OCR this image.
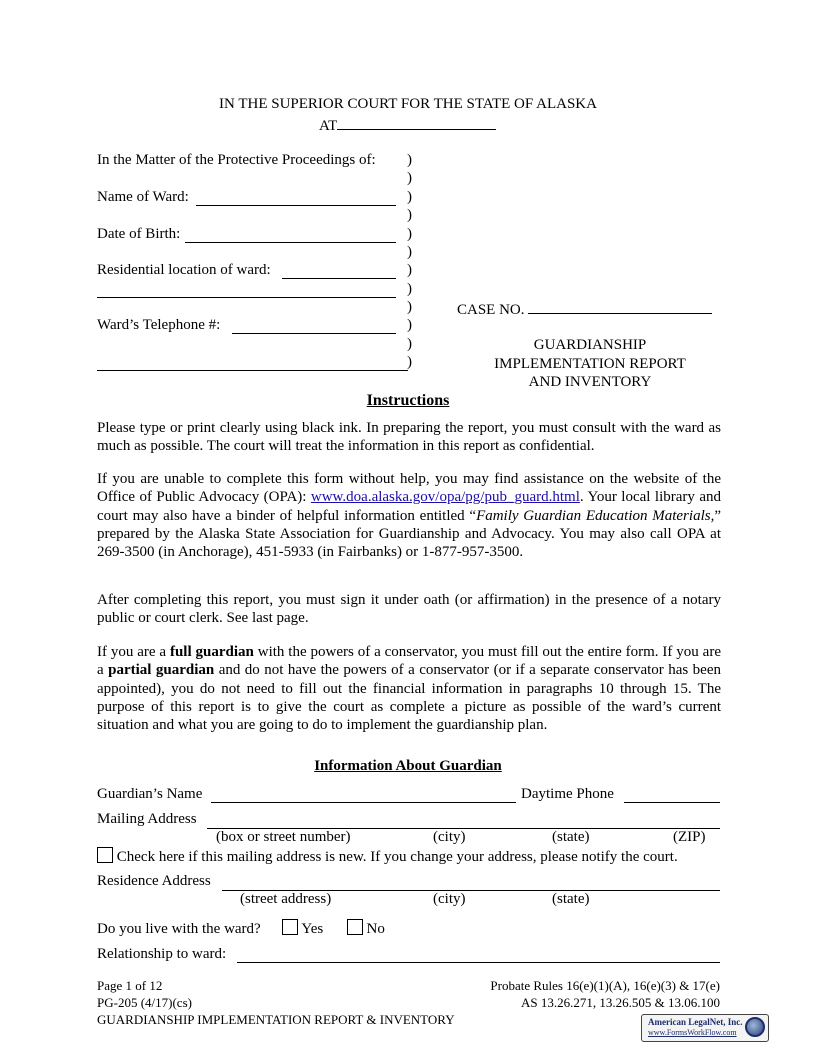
IN THE SUPERIOR COURT FOR THE STATE OF ALASKA
AT
In the Matter of the Protective Proceedings of:
Name of Ward:
Date of Birth:
Residential location of ward:
Ward’s Telephone #:
)
)
)
)
)
)
)
)
)
)
)
)
CASE NO.
GUARDIANSHIP
IMPLEMENTATION REPORT
AND INVENTORY
Instructions
Please type or print clearly using black ink. In preparing the report, you must consult with the ward as much as possible. The court will treat the information in this report as confidential.
If you are unable to complete this form without help, you may find assistance on the website of the Office of Public Advocacy (OPA): www.doa.alaska.gov/opa/pg/pub_guard.html. Your local library and court may also have a binder of helpful information entitled “Family Guardian Education Materials,” prepared by the Alaska State Association for Guardianship and Advocacy. You may also call OPA at 269-3500 (in Anchorage), 451-5933 (in Fairbanks) or 1-877-957-3500.
After completing this report, you must sign it under oath (or affirmation) in the presence of a notary public or court clerk. See last page.
If you are a full guardian with the powers of a conservator, you must fill out the entire form. If you are a partial guardian and do not have the powers of a conservator (or if a separate conservator has been appointed), you do not need to fill out the financial information in paragraphs 10 through 15. The purpose of this report is to give the court as complete a picture as possible of the ward’s current situation and what you are going to do to implement the guardianship plan.
Information About Guardian
Guardian’s Name	Daytime Phone
Mailing Address
(box or street number)	(city)	(state)	(ZIP)
Check here if this mailing address is new. If you change your address, please notify the court.
Residence Address
(street address)	(city)	(state)
Do you live with the ward?	Yes	No
Relationship to ward:
Page 1 of 12
PG-205 (4/17)(cs)
GUARDIANSHIP IMPLEMENTATION REPORT & INVENTORY
Probate Rules 16(e)(1)(A), 16(e)(3) & 17(e)
AS 13.26.271, 13.26.505 & 13.06.100
American LegalNet, Inc.
www.FormsWorkFlow.com
